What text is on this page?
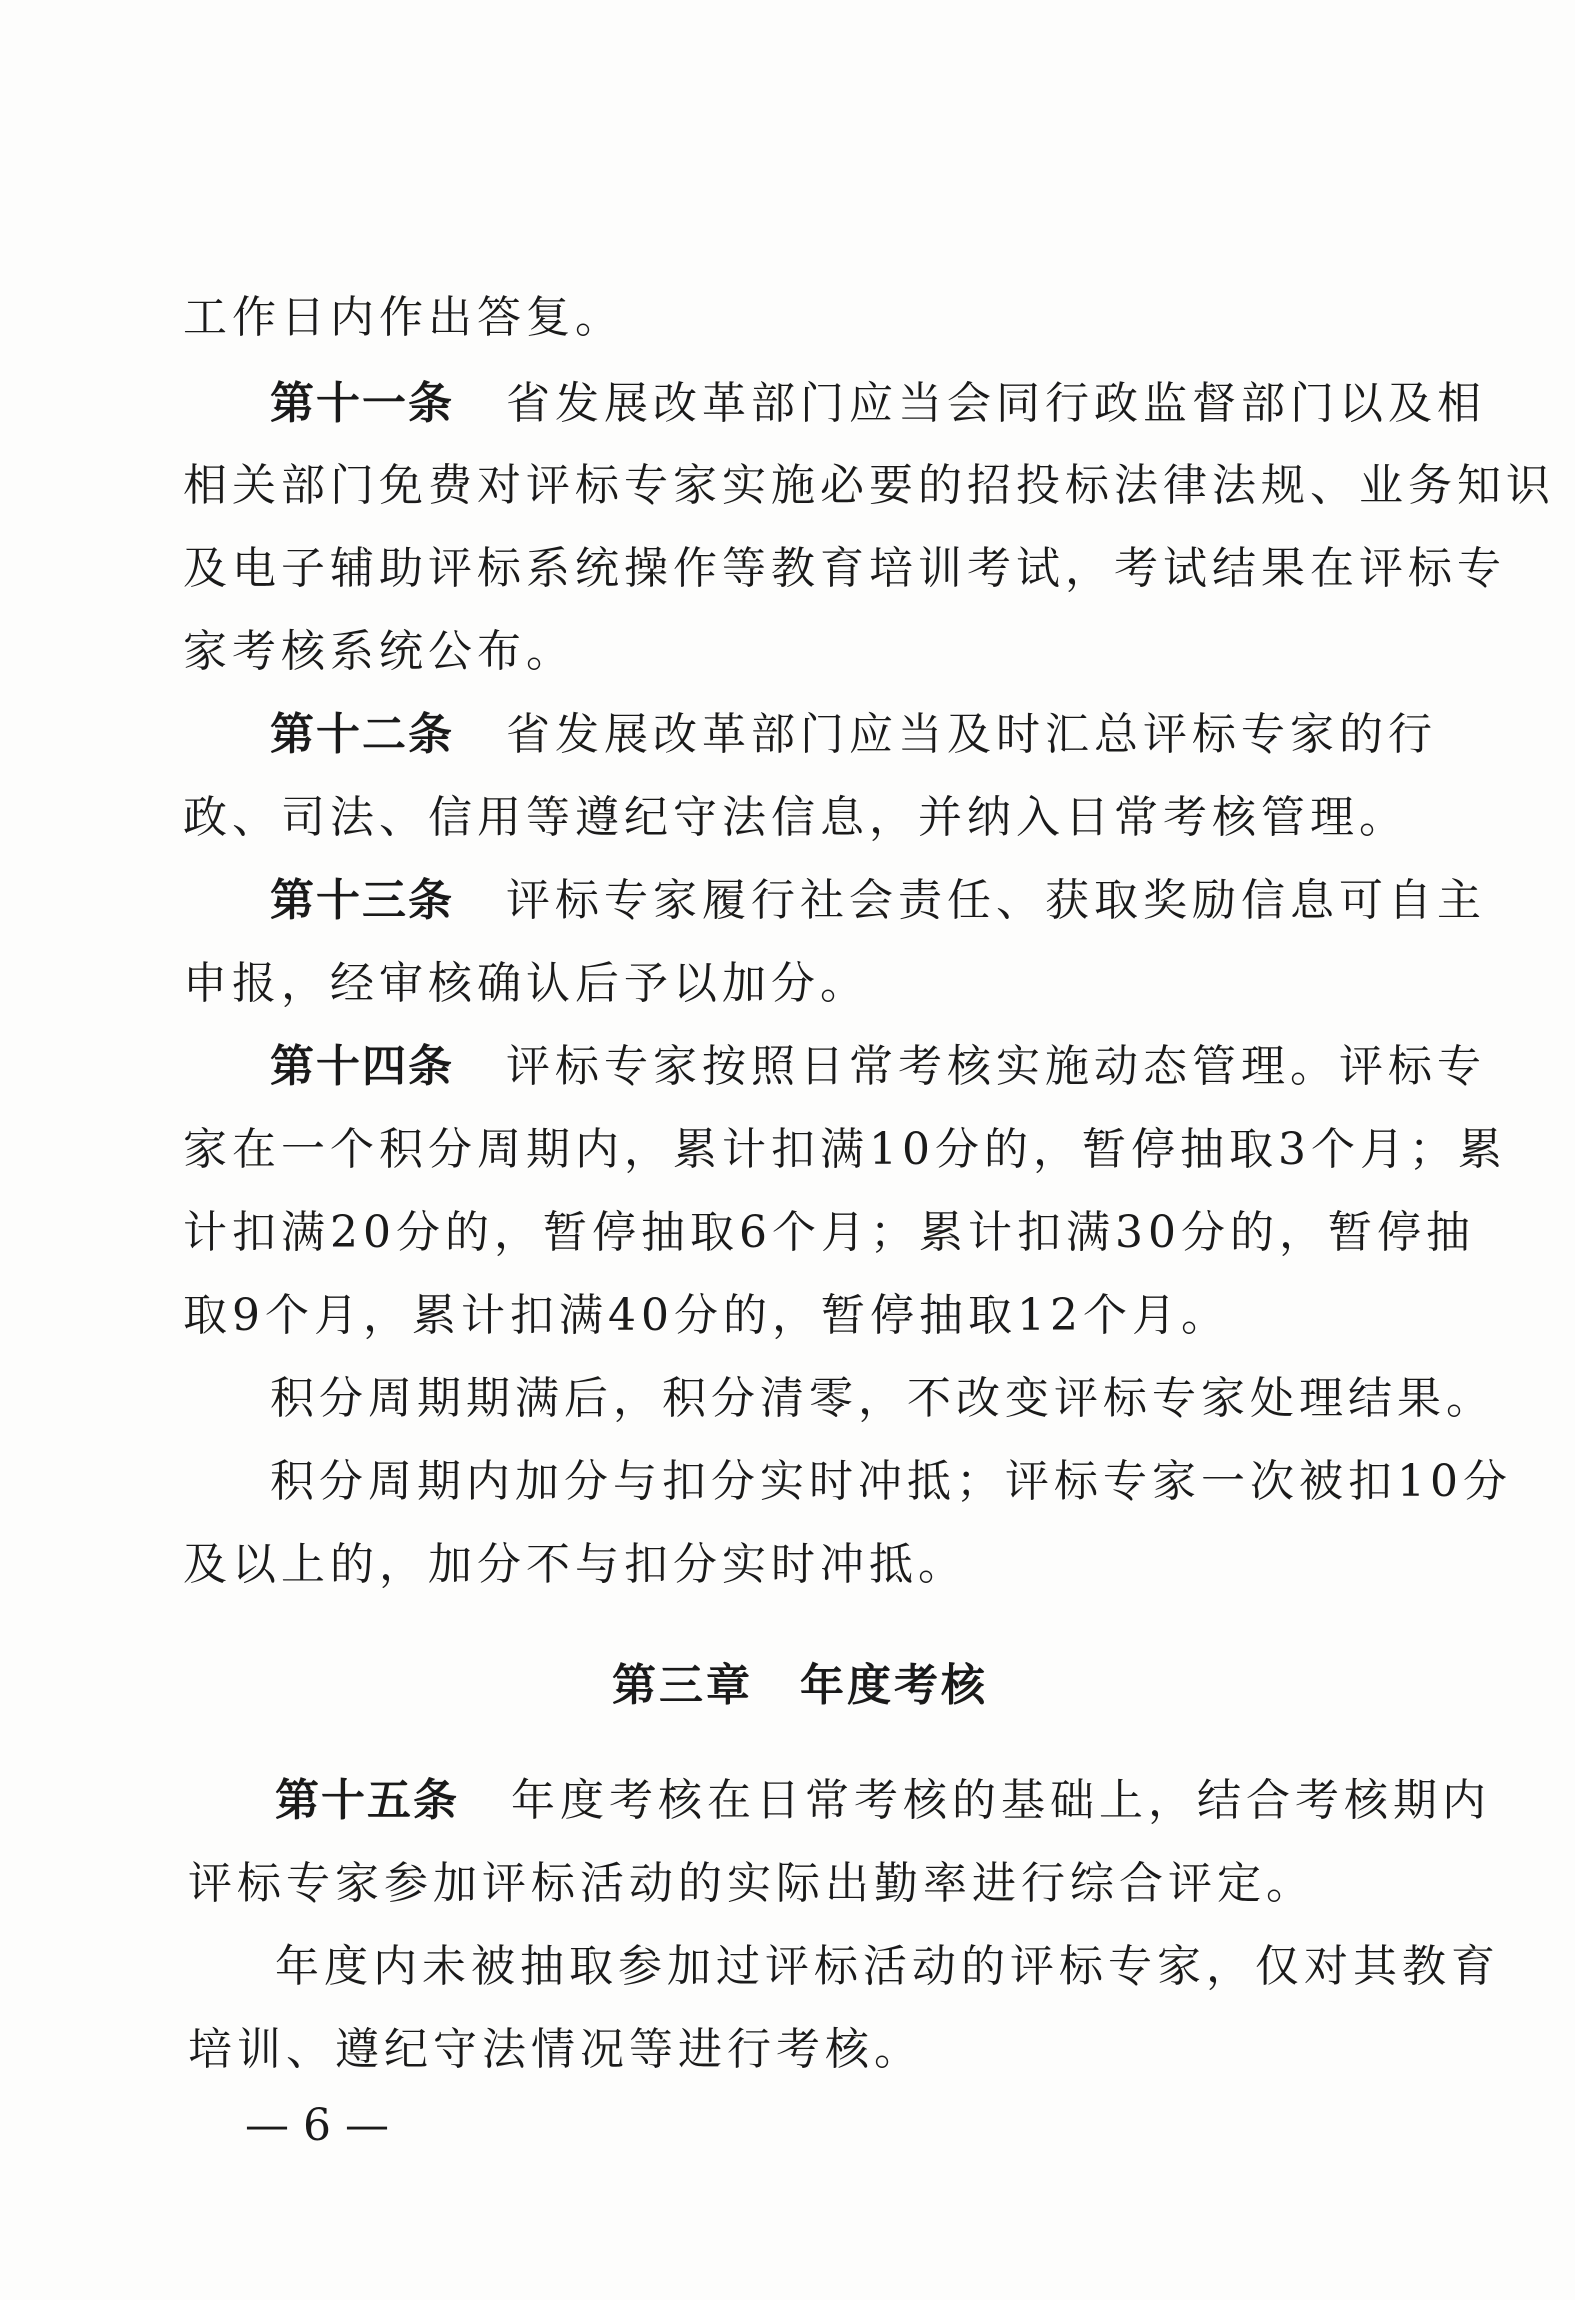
工作日内作出答复。
第十一条 省发展改革部门应当会同行政监督部门以及相
相关部门免费对评标专家实施必要的招投标法律法规、业务知识
及电子辅助评标系统操作等教育培训考试，考试结果在评标专
家考核系统公布。
第十二条 省发展改革部门应当及时汇总评标专家的行
政、司法、信用等遵纪守法信息，并纳入日常考核管理。
第十三条 评标专家履行社会责任、获取奖励信息可自主
申报，经审核确认后予以加分。
第十四条 评标专家按照日常考核实施动态管理。评标专
家在一个积分周期内，累计扣满10分的，暂停抽取3个月；累
计扣满20分的，暂停抽取6个月；累计扣满30分的，暂停抽
取9个月，累计扣满40分的，暂停抽取12个月。
积分周期期满后，积分清零，不改变评标专家处理结果。
积分周期内加分与扣分实时冲抵；评标专家一次被扣10分
及以上的，加分不与扣分实时冲抵。
第三章　年度考核
第十五条 年度考核在日常考核的基础上，结合考核期内
评标专家参加评标活动的实际出勤率进行综合评定。
年度内未被抽取参加过评标活动的评标专家，仅对其教育
培训、遵纪守法情况等进行考核。
— 6 —
